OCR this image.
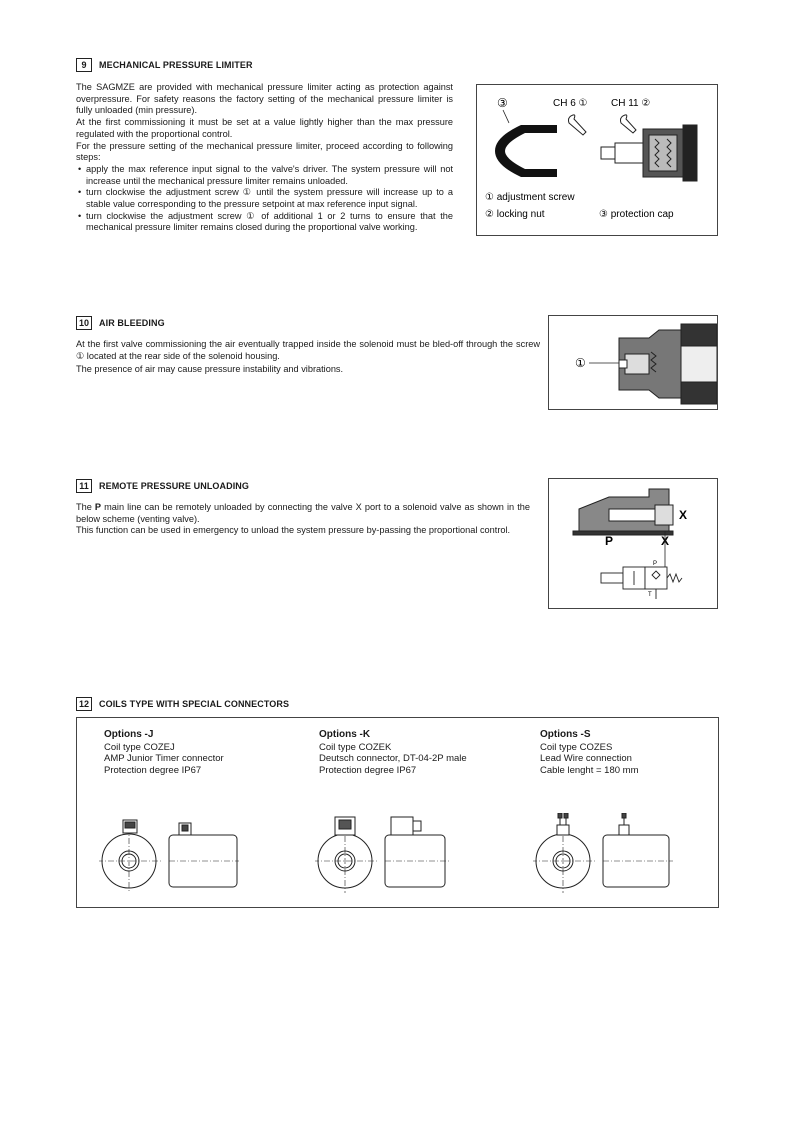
9	MECHANICAL PRESSURE LIMITER

The SAGMZE are provided with mechanical pressure limiter acting as protection against overpressure. For safety reasons the factory setting of the mechanical pressure limiter is fully unloaded (min pressure).

At the first commissioning it must be set at a value lightly higher than the max pressure regulated with the proportional control.

For the pressure setting of the mechanical pressure limiter, proceed according to following steps:

• apply the max reference input signal to the valve's driver. The system pressure will not increase until the mechanical pressure limiter remains unloaded.
• turn clockwise the adjustment screw ① until the system pressure will increase up to a stable value corresponding to the pressure setpoint at max reference input signal.
• turn clockwise the adjustment screw ① of additional 1 or 2 turns to ensure that the mechanical pressure limiter remains closed during the proportional valve working.
③	CH 6 ① CH 11 ②
① adjustment screw
② locking nut	③ protection cap
10	AIR BLEEDING

At the first valve commissioning the air eventually trapped inside the solenoid must be bled-off through the screw ① located at the rear side of the solenoid housing.

The presence of air may cause pressure instability and vibrations.	①
11	REMOTE PRESSURE UNLOADING

The P main line can be remotely unloaded by connecting the valve X port to a solenoid valve as shown in the below scheme (venting valve).

This function can be used in emergency to unload the system pressure by-passing the proportional control.

X
P	X
P
T
12	COILS TYPE WITH SPECIAL CONNECTORS
Options -J
Coil type COZEJ
AMP Junior Timer connector
Protection degree IP67
Options -K
Coil type COZEK
Deutsch connector, DT-04-2P male
Protection degree IP67
Options -S
Coil type COZES
Lead Wire connection
Cable lenght = 180 mm
